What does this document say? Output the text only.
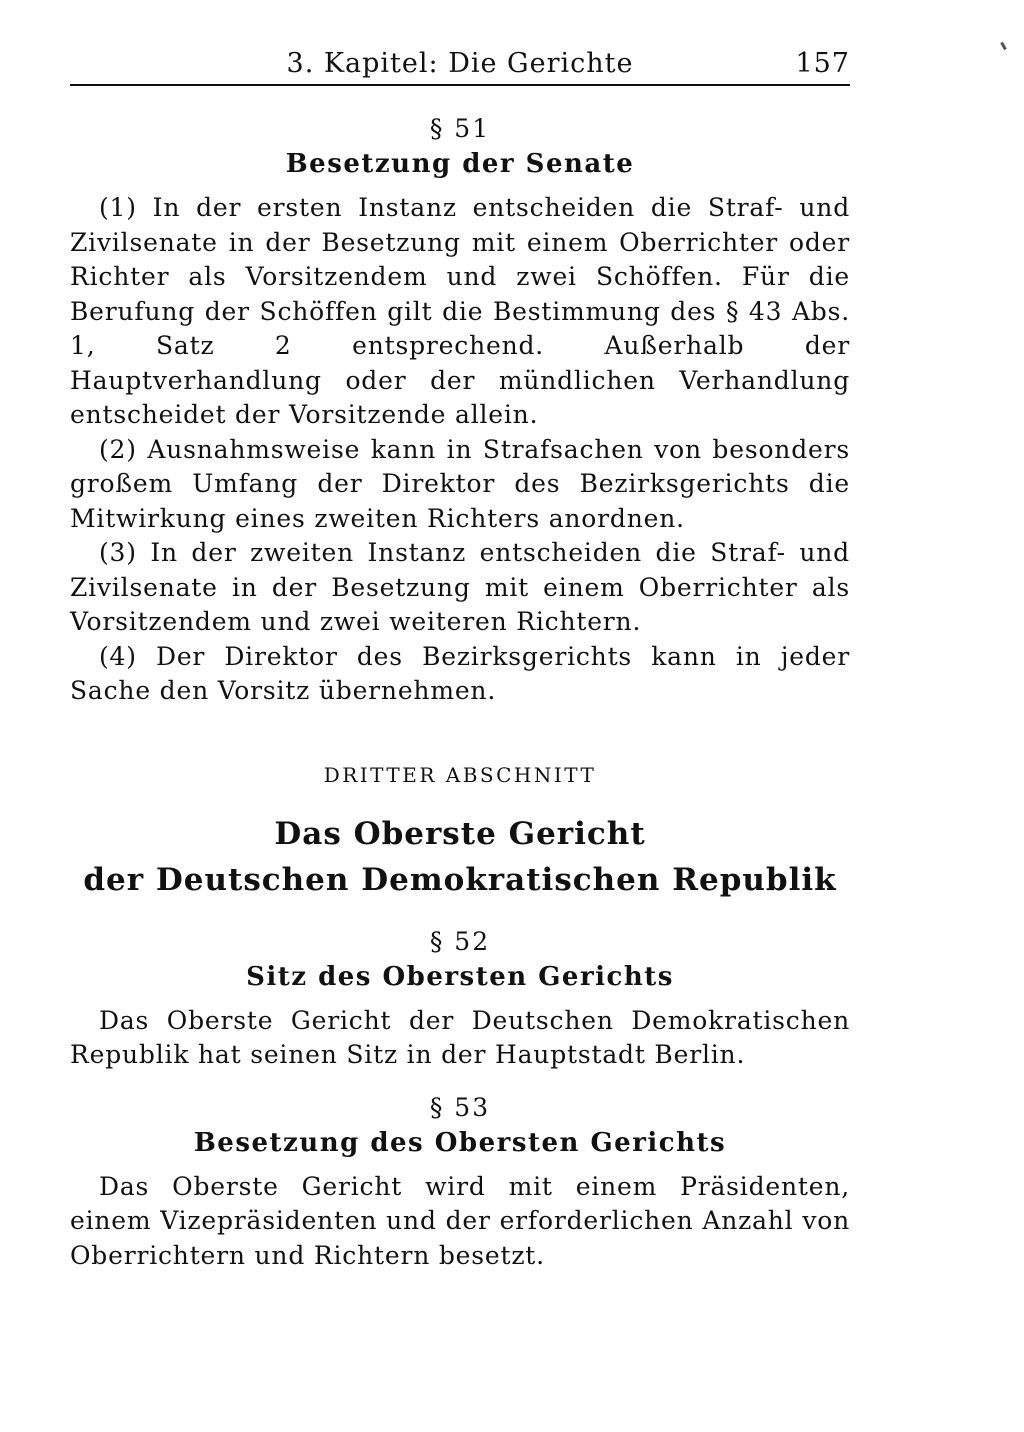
3. Kapitel: Die Gerichte	157

§ 51

Besetzung der Senate

(1) In der ersten Instanz entscheiden die Straf- und Zivilsenate in der Besetzung mit einem Oberrichter oder Richter als Vorsitzendem und zwei Schöffen. Für die Berufung der Schöffen gilt die Bestimmung des § 43 Abs. 1, Satz 2 entsprechend. Außerhalb der Hauptverhandlung oder der mündlichen Verhandlung entscheidet der Vorsitzende allein.

(2) Ausnahmsweise kann in Strafsachen von besonders großem Umfang der Direktor des Bezirksgerichts die Mitwirkung eines zweiten Richters anordnen.

(3) In der zweiten Instanz entscheiden die Straf- und Zivilsenate in der Besetzung mit einem Oberrichter als Vorsitzendem und zwei weiteren Richtern.

(4) Der Direktor des Bezirksgerichts kann in jeder Sache den Vorsitz übernehmen.

DRITTER ABSCHNITT

Das Oberste Gericht
der Deutschen Demokratischen Republik

§ 52

Sitz des Obersten Gerichts

Das Oberste Gericht der Deutschen Demokratischen Republik hat seinen Sitz in der Hauptstadt Berlin.

§ 53

Besetzung des Obersten Gerichts

Das Oberste Gericht wird mit einem Präsidenten, einem Vizepräsidenten und der erforderlichen Anzahl von Oberrichtern und Richtern besetzt.
